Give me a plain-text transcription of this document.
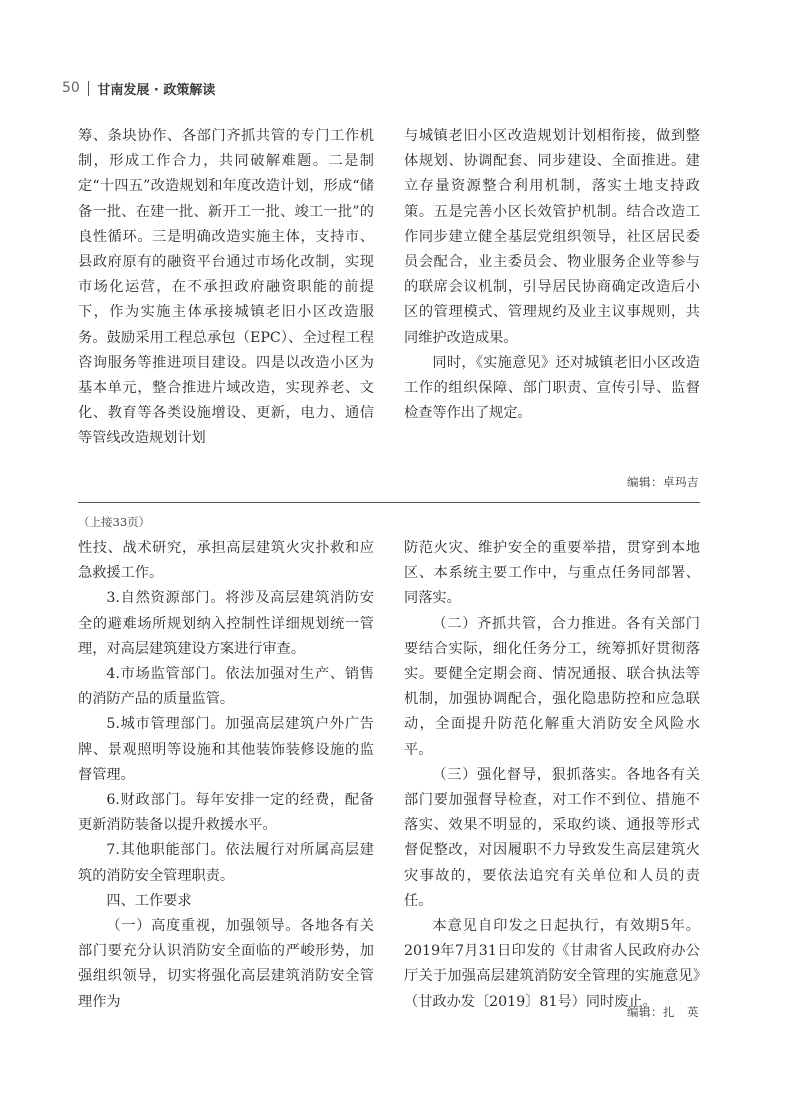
50 甘南发展 · 政策解读

筹、条块协作、各部门齐抓共管的专门工作机制，形成工作合力，共同破解难题。二是制定“十四五”改造规划和年度改造计划，形成“储备一批、在建一批、新开工一批、竣工一批”的良性循环。三是明确改造实施主体，支持市、县政府原有的融资平台通过市场化改制，实现市场化运营，在不承担政府融资职能的前提下，作为实施主体承接城镇老旧小区改造服务。鼓励采用工程总承包（EPC）、全过程工程咨询服务等推进项目建设。四是以改造小区为基本单元，整合推进片域改造，实现养老、文化、教育等各类设施增设、更新，电力、通信等管线改造规划计划

与城镇老旧小区改造规划计划相衔接，做到整体规划、协调配套、同步建设、全面推进。建立存量资源整合利用机制，落实土地支持政策。五是完善小区长效管护机制。结合改造工作同步建立健全基层党组织领导，社区居民委员会配合，业主委员会、物业服务企业等参与的联席会议机制，引导居民协商确定改造后小区的管理模式、管理规约及业主议事规则，共同维护改造成果。

同时，《实施意见》还对城镇老旧小区改造工作的组织保障、部门职责、宣传引导、监督检查等作出了规定。

编辑：卓玛吉
（上接33页）

性技、战术研究，承担高层建筑火灾扑救和应急救援工作。

3.自然资源部门。将涉及高层建筑消防安全的避难场所规划纳入控制性详细规划统一管理，对高层建筑建设方案进行审查。

4.市场监管部门。依法加强对生产、销售的消防产品的质量监管。

5.城市管理部门。加强高层建筑户外广告牌、景观照明等设施和其他装饰装修设施的监督管理。

6.财政部门。每年安排一定的经费，配备更新消防装备以提升救援水平。

7.其他职能部门。依法履行对所属高层建筑的消防安全管理职责。

四、工作要求

（一）高度重视，加强领导。各地各有关部门要充分认识消防安全面临的严峻形势，加强组织领导，切实将强化高层建筑消防安全管理作为

防范火灾、维护安全的重要举措，贯穿到本地区、本系统主要工作中，与重点任务同部署、同落实。

（二）齐抓共管，合力推进。各有关部门要结合实际，细化任务分工，统筹抓好贯彻落实。要健全定期会商、情况通报、联合执法等机制，加强协调配合，强化隐患防控和应急联动，全面提升防范化解重大消防安全风险水平。

（三）强化督导，狠抓落实。各地各有关部门要加强督导检查，对工作不到位、措施不落实、效果不明显的，采取约谈、通报等形式督促整改，对因履职不力导致发生高层建筑火灾事故的，要依法追究有关单位和人员的责任。

本意见自印发之日起执行，有效期5年。2019年7月31日印发的《甘肃省人民政府办公厅关于加强高层建筑消防安全管理的实施意见》（甘政办发〔2019〕81号）同时废止。

编辑：扎　英
